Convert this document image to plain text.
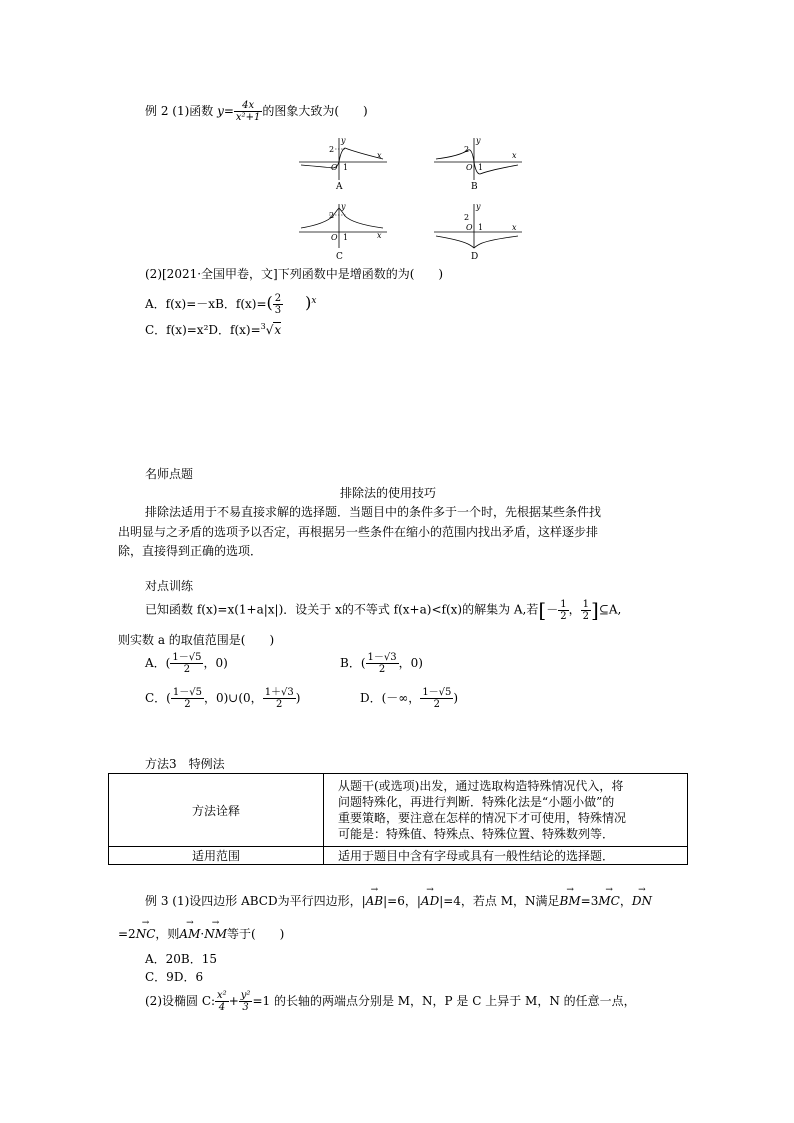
例 2 (1)函数 $y= \frac{4x}{\text{x²+1}}$ 的图象大致为(　　)
y
2
O 1
x
A
y
2
O 1
x
B
y
2
O 1	x
C
y
2
O 1	x
D
(2)[2021·全国甲卷，文]下列函数中是增函数的为(　　)
A．f(x)=－xB．$f(x)=( \frac{2}{3} )^x$
C．f(x)=x²D．f(x)=$^3$√x
名师点题
排除法的使用技巧
排除法适用于不易直接求解的选择题．当题目中的条件多于一个时，先根据某些条件找
出明显与之矛盾的选项予以否定，再根据另一些条件在缩小的范围内找出矛盾，这样逐步排
除，直接得到正确的选项．
对点训练
已知函数 f(x)=x(1+a|x|)．设关于 x的不等式 f(x+a)<f(x)的解集为 A,若[－ $\frac{1}{2}$ ， $\frac{1}{2}$ ]⊆A,
则实数 a 的取值范围是(　　)
A．( $\frac{1-√5}{2}$ ，0)	B．( $\frac{1-√3}{2}$ ，0)
C．( $\frac{1-√5}{2}$ ，0)∪(0， $\frac{1+√3}{2}$ )	D．(－∞， $\frac{1-√5}{2}$ )
方法3　特例法
方法诠释	从题干(或选项)出发，通过选取构造特殊情况代入，将
问题特殊化，再进行判断．特殊化法是“小题小做”的
重要策略，要注意在怎样的情况下才可使用，特殊情况
可能是：特殊值、特殊点、特殊位置、特殊数列等．

适用范围	适用于题目中含有字母或具有一般性结论的选择题．
例 3 (1)设四边形 ABCD为平行四边形，|→ AB|=6，|→ AD|=4，若点 M，N满足→ BM=3→ MC，→ DN
=2→ NC，则→ AM·→ NM等于(　　)
A．20B．15
C．9D．6
(2)设椭圆 C: $\frac{\text{x²}}{4} + \frac{\text{y²}}{3} =1$ 的长轴的两端点分别是 M，N，P 是 C 上异于 M，N 的任意一点，
